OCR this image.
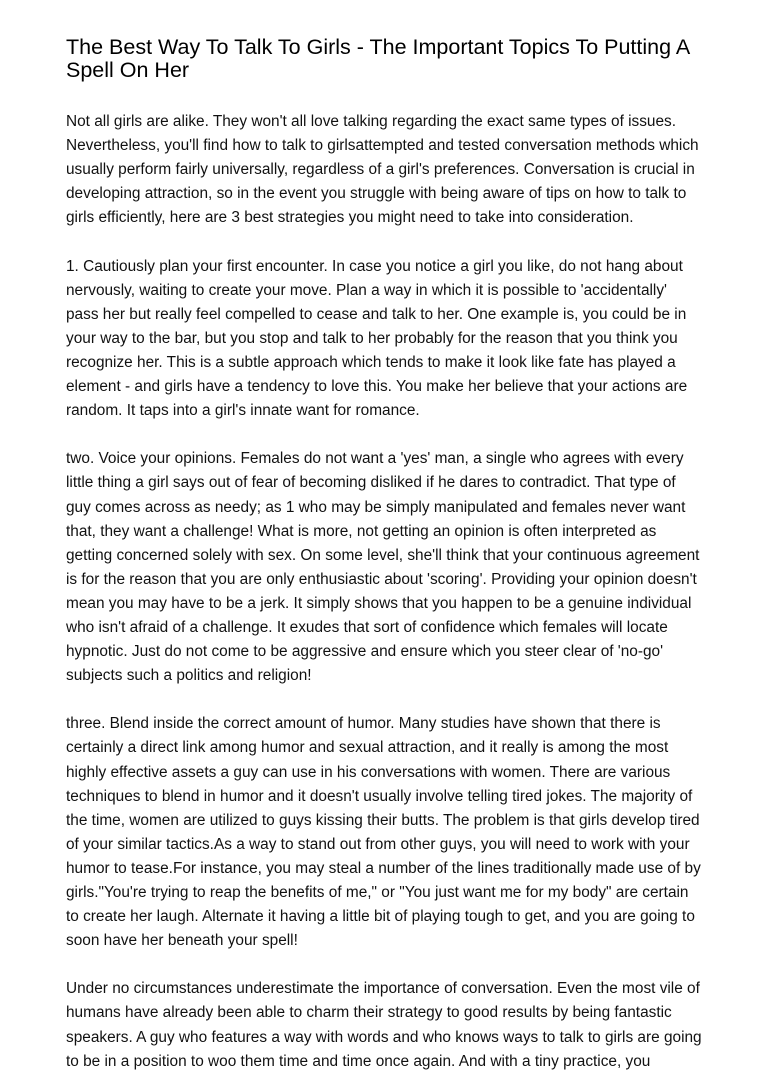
The Best Way To Talk To Girls - The Important Topics To Putting A Spell On Her

Not all girls are alike. They won't all love talking regarding the exact same types of issues. Nevertheless, you'll find how to talk to girlsattempted and tested conversation methods which usually perform fairly universally, regardless of a girl's preferences. Conversation is crucial in developing attraction, so in the event you struggle with being aware of tips on how to talk to girls efficiently, here are 3 best strategies you might need to take into consideration.

1. Cautiously plan your first encounter. In case you notice a girl you like, do not hang about nervously, waiting to create your move. Plan a way in which it is possible to 'accidentally' pass her but really feel compelled to cease and talk to her. One example is, you could be in your way to the bar, but you stop and talk to her probably for the reason that you think you recognize her. This is a subtle approach which tends to make it look like fate has played a element - and girls have a tendency to love this. You make her believe that your actions are random. It taps into a girl's innate want for romance.

two. Voice your opinions. Females do not want a 'yes' man, a single who agrees with every little thing a girl says out of fear of becoming disliked if he dares to contradict. That type of guy comes across as needy; as 1 who may be simply manipulated and females never want that, they want a challenge! What is more, not getting an opinion is often interpreted as getting concerned solely with sex. On some level, she'll think that your continuous agreement is for the reason that you are only enthusiastic about 'scoring'. Providing your opinion doesn't mean you may have to be a jerk. It simply shows that you happen to be a genuine individual who isn't afraid of a challenge. It exudes that sort of confidence which females will locate hypnotic. Just do not come to be aggressive and ensure which you steer clear of 'no-go' subjects such a politics and religion!

three. Blend inside the correct amount of humor. Many studies have shown that there is certainly a direct link among humor and sexual attraction, and it really is among the most highly effective assets a guy can use in his conversations with women. There are various techniques to blend in humor and it doesn't usually involve telling tired jokes. The majority of the time, women are utilized to guys kissing their butts. The problem is that girls develop tired of your similar tactics.As a way to stand out from other guys, you will need to work with your humor to tease.For instance, you may steal a number of the lines traditionally made use of by girls."You're trying to reap the benefits of me," or "You just want me for my body" are certain to create her laugh. Alternate it having a little bit of playing tough to get, and you are going to soon have her beneath your spell!

Under no circumstances underestimate the importance of conversation. Even the most vile of humans have already been able to charm their strategy to good results by being fantastic speakers. A guy who features a way with words and who knows ways to talk to girls are going to be in a position to woo them time and time once again. And with a tiny practice, you
